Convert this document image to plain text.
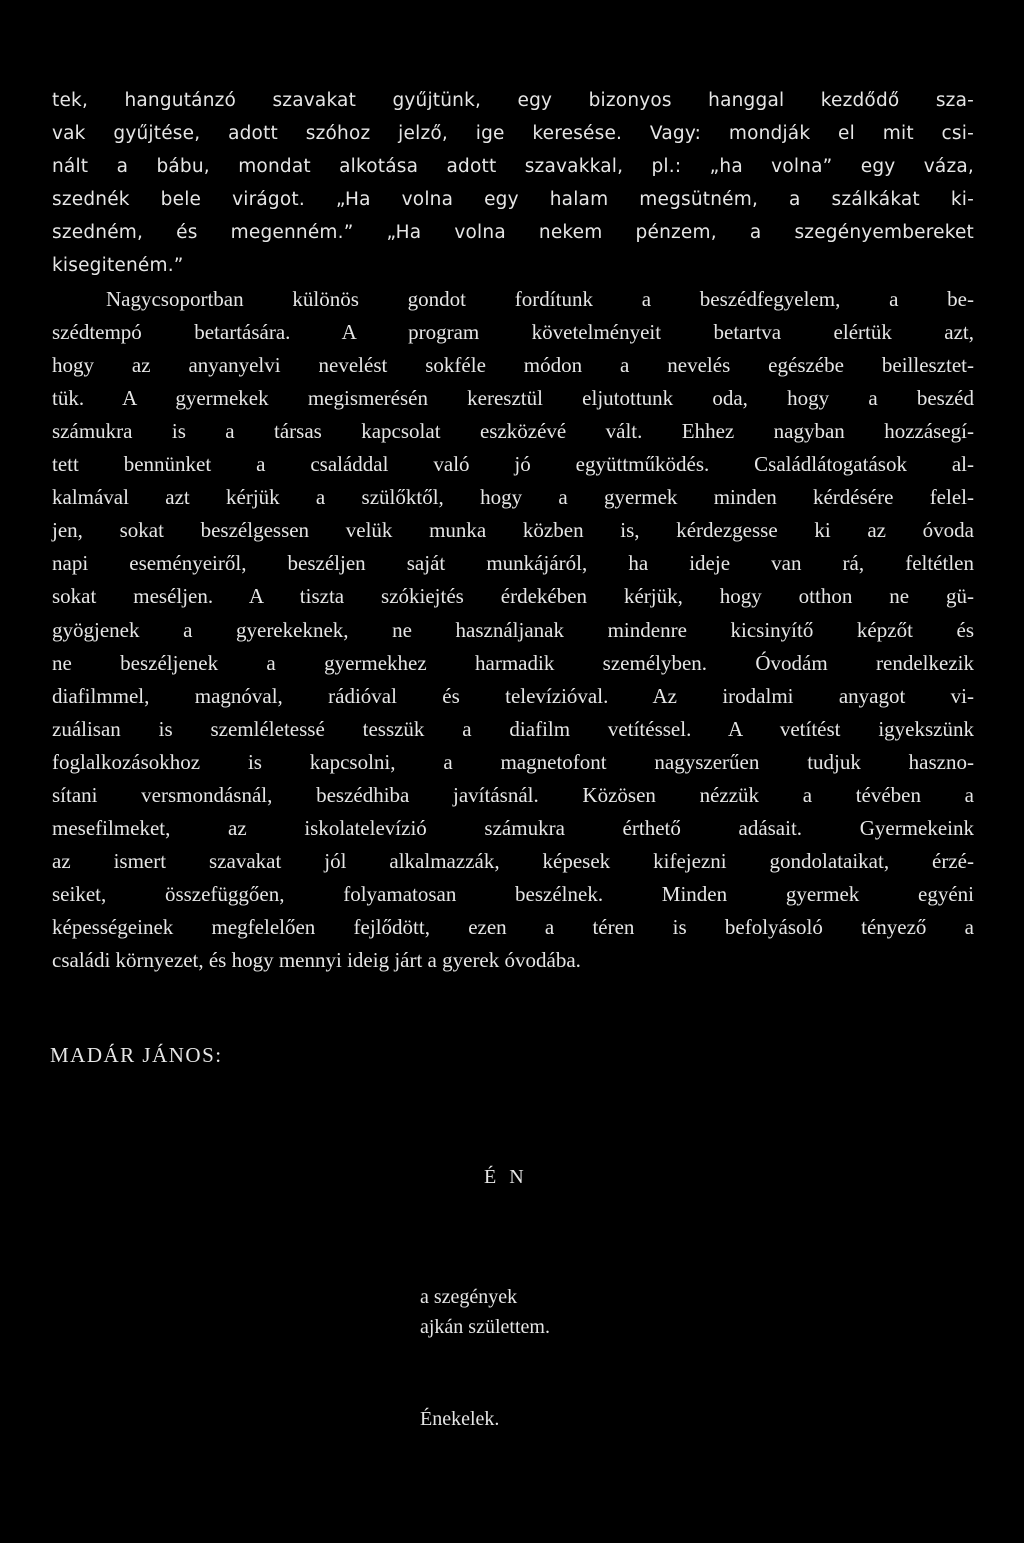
tek, hangutánzó szavakat gyűjtünk, egy bizonyos hanggal kezdődő sza-
vak gyűjtése, adott szóhoz jelző, ige keresése. Vagy: mondják el mit csi-
nált a bábu, mondat alkotása adott szavakkal, pl.: „ha volna” egy váza,
szednék bele virágot. „Ha volna egy halam megsütném, a szálkákat ki-
szedném, és megenném.” „Ha volna nekem pénzem, a szegényembereket
kisegiteném.”
Nagycsoportban különös gondot fordítunk a beszédfegyelem, a be-
szédtempó betartására. A program követelményeit betartva elértük azt,
hogy az anyanyelvi nevelést sokféle módon a nevelés egészébe beillesztet-
tük. A gyermekek megismerésén keresztül eljutottunk oda, hogy a beszéd
számukra is a társas kapcsolat eszközévé vált. Ehhez nagyban hozzásegí-
tett bennünket a családdal való jó együttműködés. Családlátogatások al-
kalmával azt kérjük a szülőktől, hogy a gyermek minden kérdésére felel-
jen, sokat beszélgessen velük munka közben is, kérdezgesse ki az óvoda
napi eseményeiről, beszéljen saját munkájáról, ha ideje van rá, feltétlen
sokat meséljen. A tiszta szókiejtés érdekében kérjük, hogy otthon ne gü-
gyögjenek a gyerekeknek, ne használjanak mindenre kicsinyítő képzőt és
ne beszéljenek a gyermekhez harmadik személyben. Óvodám rendelkezik
diafilmmel, magnóval, rádióval és televízióval. Az irodalmi anyagot vi-
zuálisan is szemléletessé tesszük a diafilm vetítéssel. A vetítést igyekszünk
foglalkozásokhoz is kapcsolni, a magnetofont nagyszerűen tudjuk haszno-
sítani versmondásnál, beszédhiba javításnál. Közösen nézzük a tévében a
mesefilmeket, az iskolatelevízió számukra érthető adásait. Gyermekeink
az ismert szavakat jól alkalmazzák, képesek kifejezni gondolataikat, érzé-
seiket, összefüggően, folyamatosan beszélnek. Minden gyermek egyéni
képességeinek megfelelően fejlődött, ezen a téren is befolyásoló tényező a
családi környezet, és hogy mennyi ideig járt a gyerek óvodába.
MADÁR JÁNOS:
É N
a szegények
ajkán születtem.
Énekelek.
